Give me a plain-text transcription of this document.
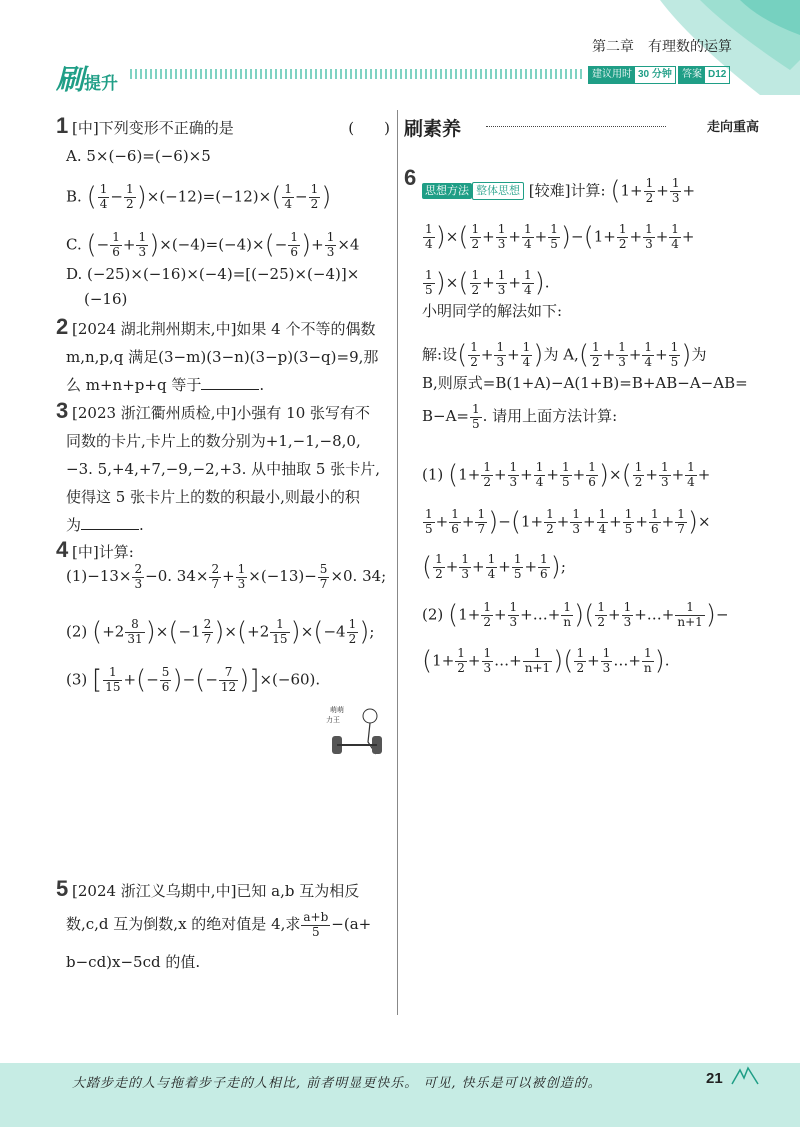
第二章 有理数的运算
刷提升	建议用时 30 分钟	答案 D12
1 [中]下列变形不正确的是	(　　)
A. 5×(−6)=(−6)×5
B. ( $\frac{1}{4} - \frac{1}{2} )\times(-12)=(-12)\times( \frac{1}{4} - \frac{1}{2}$ )
C. (− $\frac{1}{6} + \frac{1}{3} )\times(-4)=(-4)\times(- \frac{1}{6}$ )+ $\frac{1}{3} \times 4$
D. (−25)×(−16)×(−4)=[(−25)×(−4)]×
(−16)
2 [2024 湖北荆州期末,中]如果 4 个不等的偶数
m,n,p,q 满足(3−m)(3−n)(3−p)(3−q)=9,那
么 m+n+p+q 等于	.
3 [2023 浙江衢州质检,中]小强有 10 张写有不
同数的卡片,卡片上的数分别为+1,−1,−8,0,
−3. 5,+4,+7,−9,−2,+3. 从中抽取 5 张卡片,
使得这 5 张卡片上的数的积最小,则最小的积
为	.
4 [中]计算:
$(1)-13\times \frac{2}{3} -0$. $34\times \frac{2}{7} + \frac{1}{3} \times(-13)- \frac{5}{7} \times 0$. 34;
(2) $(+2 \frac{8}{31} )\times(-1 \frac{2}{7} )\times(+2 \frac{1}{15} )\times(-4 \frac{1}{2}$ );
(3) [ $\frac{1}{15}$ +(− $\frac{5}{6}$ )−(− $\frac{7}{12} )]\times(-60)$.
萌萌
力王
5 [2024 浙江义乌期中,中]已知 a,b 互为相反
数,c,d 互为倒数,x 的绝对值是 4,求 $\frac{a+b}{5} -(a+$
b−cd)x−5cd 的值.
刷素养	走向重高
6
思想方法 整体思想 [较难]计算: ($1+ \frac{1}{2} + \frac{1}{3}$ +
$\frac{1}{4}$ )×( $\frac{1}{2} + \frac{1}{3} + \frac{1}{4} + \frac{1}{5} )-(1+ \frac{1}{2} + \frac{1}{3} + \frac{1}{4}$ +
$\frac{1}{5}$ )×( $\frac{1}{2} + \frac{1}{3} + \frac{1}{4}$ ).
小明同学的解法如下:
解:设( $\frac{1}{2} + \frac{1}{3} + \frac{1}{4}$ )为 $A,( \frac{1}{2} + \frac{1}{3} + \frac{1}{4} + \frac{1}{5}$ )为
B,则原式=B(1+A)−A(1+B)=B+AB−A−AB=
$B-A= \frac{1}{5}$ . 请用上面方法计算:
(1) ($1+ \frac{1}{2} + \frac{1}{3} + \frac{1}{4} + \frac{1}{5} + \frac{1}{6}$ )×( $\frac{1}{2} + \frac{1}{3} + \frac{1}{4}$ +
$\frac{1}{5} + \frac{1}{6} + \frac{1}{7} )-(1+ \frac{1}{2} + \frac{1}{3} + \frac{1}{4} + \frac{1}{5} + \frac{1}{6} + \frac{1}{7}$ )×
( $\frac{1}{2} + \frac{1}{3} + \frac{1}{4} + \frac{1}{5} + \frac{1}{6}$ );
(2) ($1+ \frac{1}{2} + \frac{1}{3}$ +…+ $\frac{1}{n}$ )( $\frac{1}{2} + \frac{1}{3}$ +…+ $\frac{1}{n+1}$ )−
($1+ \frac{1}{2} + \frac{1}{3}$ …+ $\frac{1}{n+1}$ )( $\frac{1}{2} + \frac{1}{3}$ …+ $\frac{1}{n}$ ).
大踏步走的人与拖着步子走的人相比, 前者明显更快乐。 可见, 快乐是可以被创造的。	21
